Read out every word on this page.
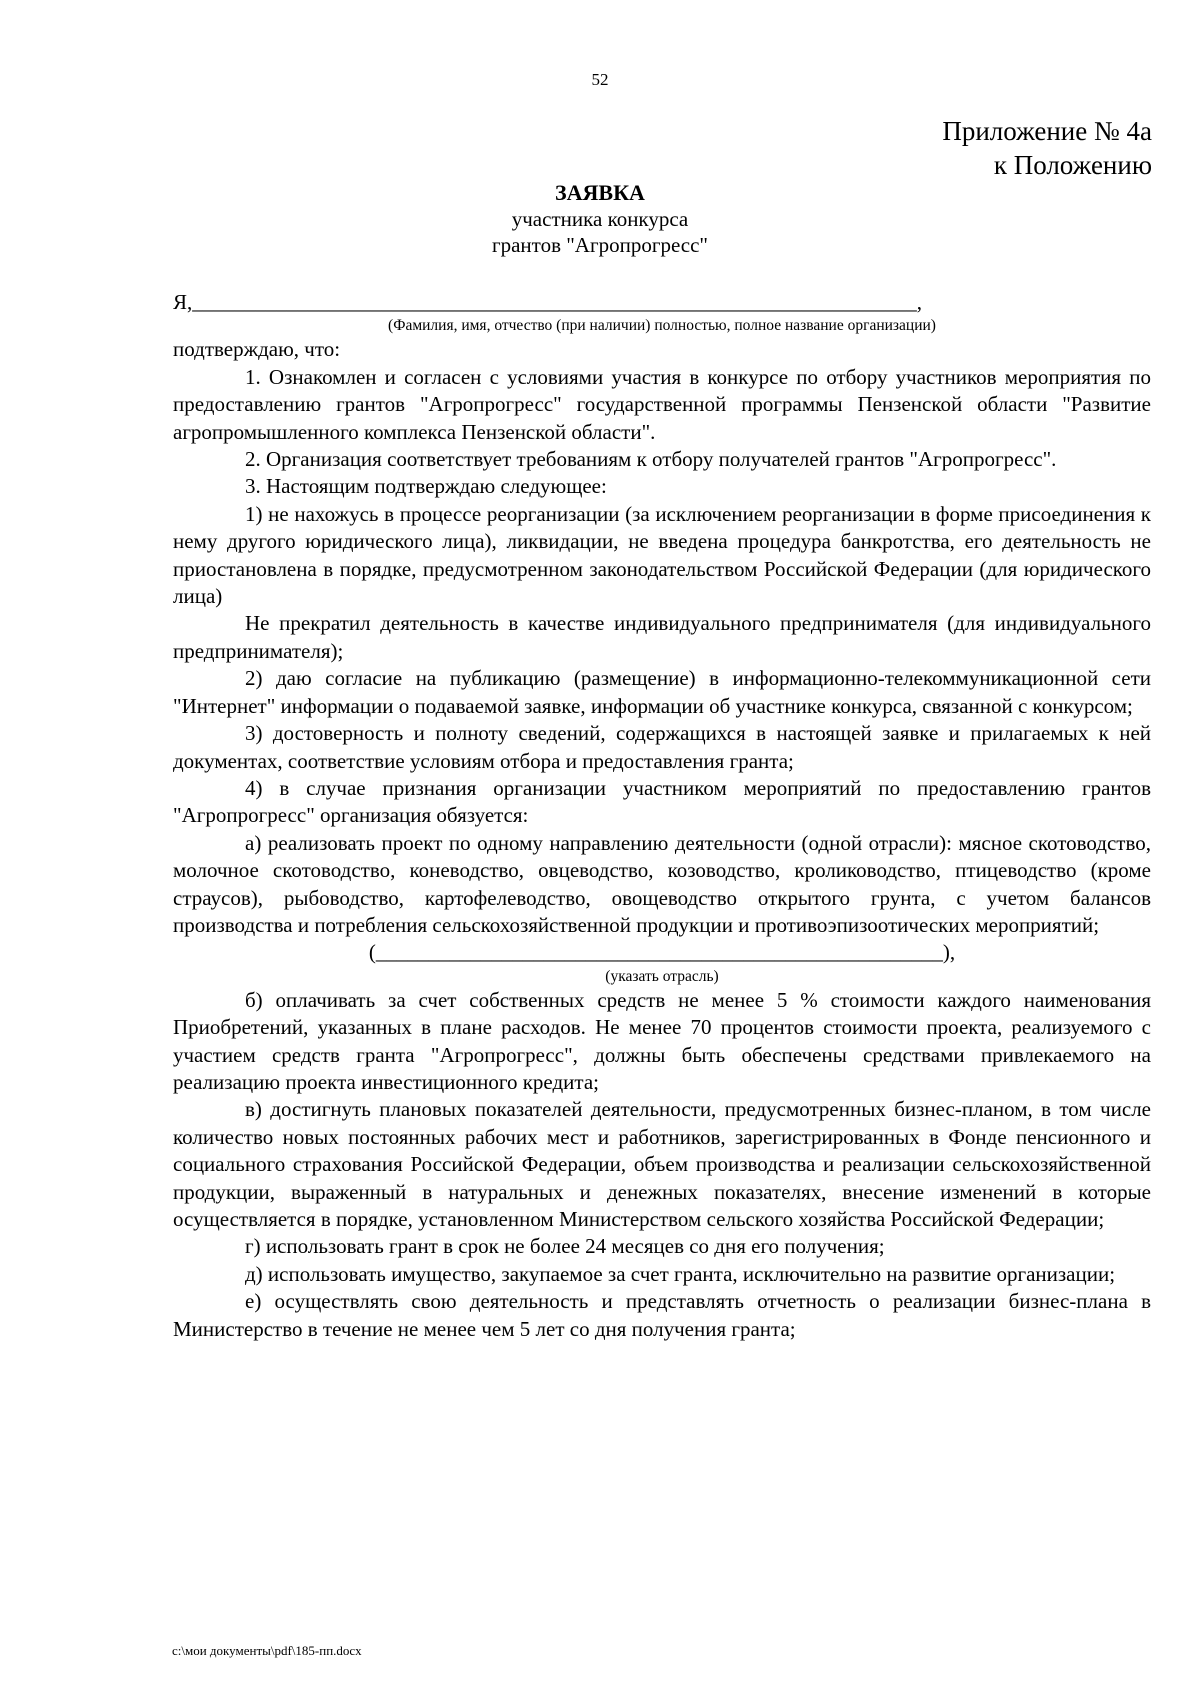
52
Приложение № 4а
к Положению
ЗАЯВКА
участника конкурса
грантов "Агропрогресс"

Я,_____________________________________________________________________,

(Фамилия, имя, отчество (при наличии) полностью, полное название организации)

подтверждаю, что:

1. Ознакомлен и согласен с условиями участия в конкурсе по отбору участников мероприятия по предоставлению грантов "Агропрогресс" государственной программы Пензенской области "Развитие агропромышленного комплекса Пензенской области".

2. Организация соответствует требованиям к отбору получателей грантов "Агропрогресс".

3. Настоящим подтверждаю следующее:

1) не нахожусь в процессе реорганизации (за исключением реорганизации в форме присоединения к нему другого юридического лица), ликвидации, не введена процедура банкротства, его деятельность не приостановлена в порядке, предусмотренном законодательством Российской Федерации (для юридического лица)

Не прекратил деятельность в качестве индивидуального предпринимателя (для индивидуального предпринимателя);

2) даю согласие на публикацию (размещение) в информационно-телекоммуникационной сети "Интернет" информации о подаваемой заявке, информации об участнике конкурса, связанной с конкурсом;

3) достоверность и полноту сведений, содержащихся в настоящей заявке и прилагаемых к ней документах, соответствие условиям отбора и предоставления гранта;

4) в случае признания организации участником мероприятий по предоставлению грантов "Агропрогресс" организация обязуется:

а) реализовать проект по одному направлению деятельности (одной отрасли): мясное скотоводство, молочное скотоводство, коневодство, овцеводство, козоводство, кролиководство, птицеводство (кроме страусов), рыбоводство, картофелеводство, овощеводство открытого грунта, с учетом балансов производства и потребления сельскохозяйственной продукции и противоэпизоотических мероприятий;

(______________________________________________________),

(указать отрасль)

б) оплачивать за счет собственных средств не менее 5 % стоимости каждого наименования Приобретений, указанных в плане расходов. Не менее 70 процентов стоимости проекта, реализуемого с участием средств гранта "Агропрогресс", должны быть обеспечены средствами привлекаемого на реализацию проекта инвестиционного кредита;

в) достигнуть плановых показателей деятельности, предусмотренных бизнес-планом, в том числе количество новых постоянных рабочих мест и работников, зарегистрированных в Фонде пенсионного и социального страхования Российской Федерации, объем производства и реализации сельскохозяйственной продукции, выраженный в натуральных и денежных показателях, внесение изменений в которые осуществляется в порядке, установленном Министерством сельского хозяйства Российской Федерации;

г) использовать грант в срок не более 24 месяцев со дня его получения;

д) использовать имущество, закупаемое за счет гранта, исключительно на развитие организации;

е) осуществлять свою деятельность и представлять отчетность о реализации бизнес-плана в Министерство в течение не менее чем 5 лет со дня получения гранта;

c:\мои документы\pdf\185-пп.docx
